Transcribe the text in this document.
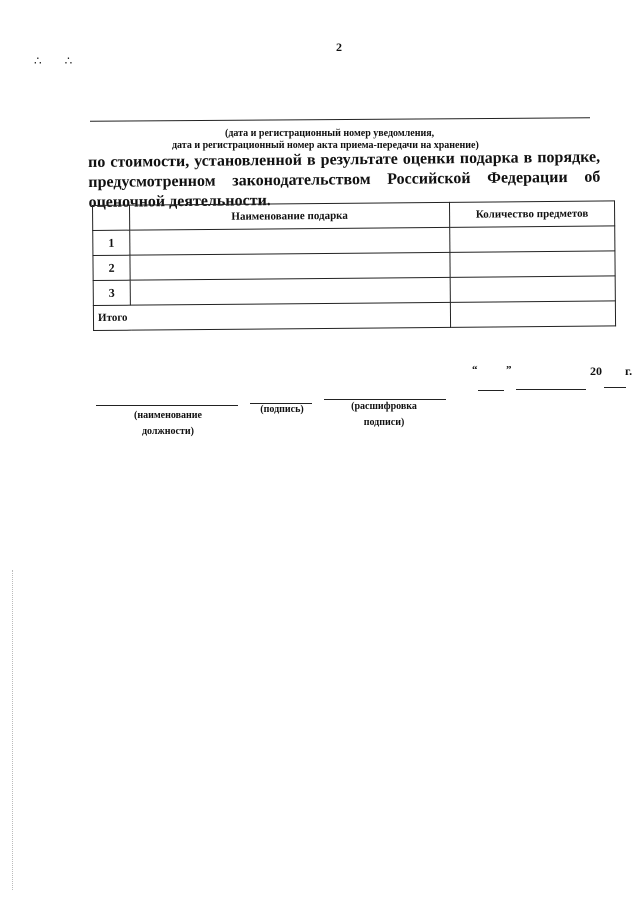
2
∴ ∴
(дата и регистрационный номер уведомления,
дата и регистрационный номер акта приема-передачи на хранение)
по стоимости, установленной в результате оценки подарка в порядке, предусмотренном законодательством Российской Федерации об оценочной деятельности.
	Наименование подарка	Количество предметов
1		
2		
3		
Итого		
“	”	20 г.
(наименование должности)
(подпись)	(расшифровка подписи)
